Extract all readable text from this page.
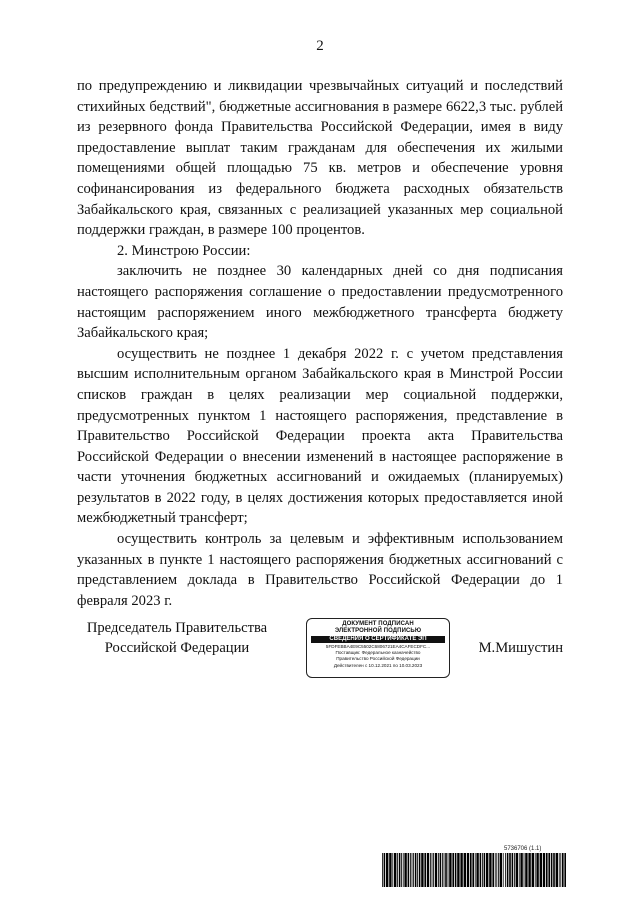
2

по предупреждению и ликвидации чрезвычайных ситуаций и последствий стихийных бедствий", бюджетные ассигнования в размере 6622,3 тыс. рублей из резервного фонда Правительства Российской Федерации, имея в виду предоставление выплат таким гражданам для обеспечения их жилыми помещениями общей площадью 75 кв. метров и обеспечение уровня софинансирования из федерального бюджета расходных обязательств Забайкальского края, связанных с реализацией указанных мер социальной поддержки граждан, в размере 100 процентов.

2. Минстрою России:

заключить не позднее 30 календарных дней со дня подписания настоящего распоряжения соглашение о предоставлении предусмотренного настоящим распоряжением иного межбюджетного трансферта бюджету Забайкальского края;

осуществить не позднее 1 декабря 2022 г. с учетом представления высшим исполнительным органом Забайкальского края в Минстрой России списков граждан в целях реализации мер социальной поддержки, предусмотренных пунктом 1 настоящего распоряжения, представление в Правительство Российской Федерации проекта акта Правительства Российской Федерации о внесении изменений в настоящее распоряжение в части уточнения бюджетных ассигнований и ожидаемых (планируемых) результатов в 2022 году, в целях достижения которых предоставляется иной межбюджетный трансферт;

осуществить контроль за целевым и эффективным использованием указанных в пункте 1 настоящего распоряжения бюджетных ассигнований с представлением доклада в Правительство Российской Федерации до 1 февраля 2023 г.

Председатель Правительства
Российской Федерации
ДОКУМЕНТ ПОДПИСАН
ЭЛЕКТРОННОЙ ПОДПИСЬЮ
СВЕДЕНИЯ О СЕРТИФИКАТЕ ЭП
5FDFEBBA4E9C5502C6806721EA4CAFECDFC...
Поставщик: Федеральное казначейство
Правительство Российской Федерации
Действителен с 10.12.2021 по 10.03.2023
М.Мишустин
5736706 (1.1)
